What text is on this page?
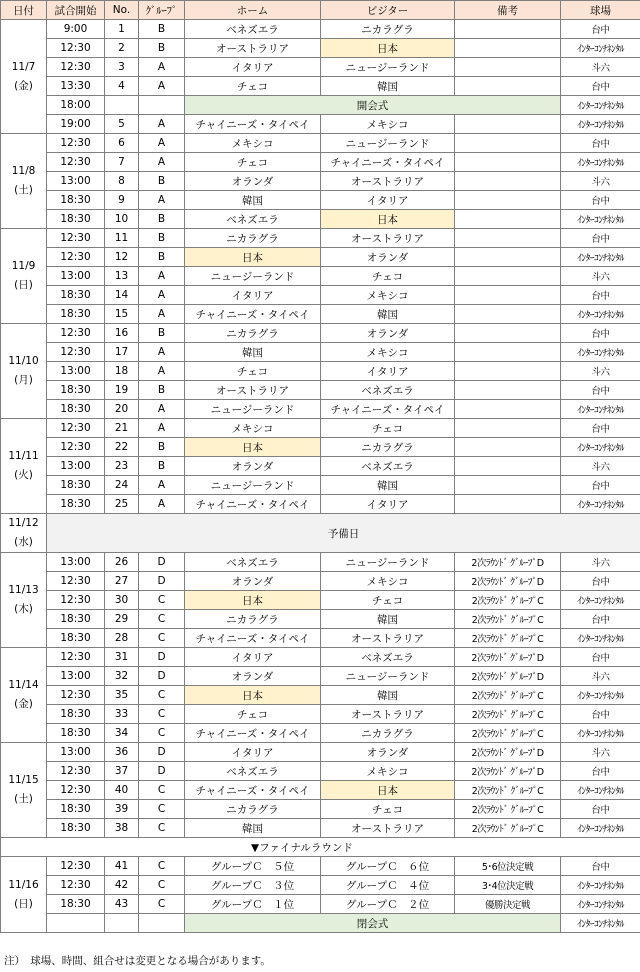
日付	試合開始	No.	ｸﾞﾙｰﾌﾟ	ホーム	ビジター	備考	球場
11/7
(金)	9:00	1	B	ベネズエラ	ニカラグラ		台中
	12:30	2	B	オーストラリア	日本		ｲﾝﾀｰｺﾝﾁﾈﾝﾀﾙ
	12:30	3	A	イタリア	ニュージーランド		斗六
	13:30	4	A	チェコ	韓国		台中
	18:00			開会式			ｲﾝﾀｰｺﾝﾁﾈﾝﾀﾙ
	19:00	5	A	チャイニーズ・タイペイ	メキシコ		ｲﾝﾀｰｺﾝﾁﾈﾝﾀﾙ
11/8
(土)	12:30	6	A	メキシコ	ニュージーランド		台中
	12:30	7	A	チェコ	チャイニーズ・タイペイ		ｲﾝﾀｰｺﾝﾁﾈﾝﾀﾙ
	13:00	8	B	オランダ	オーストラリア		斗六
	18:30	9	A	韓国	イタリア		台中
	18:30	10	B	ベネズエラ	日本		ｲﾝﾀｰｺﾝﾁﾈﾝﾀﾙ
11/9
(日)	12:30	11	B	ニカラグラ	オーストラリア		台中
	12:30	12	B	日本	オランダ		ｲﾝﾀｰｺﾝﾁﾈﾝﾀﾙ
	13:00	13	A	ニュージーランド	チェコ		斗六
	18:30	14	A	イタリア	メキシコ		台中
	18:30	15	A	チャイニーズ・タイペイ	韓国		ｲﾝﾀｰｺﾝﾁﾈﾝﾀﾙ
11/10
(月)	12:30	16	B	ニカラグラ	オランダ		台中
	12:30	17	A	韓国	メキシコ		ｲﾝﾀｰｺﾝﾁﾈﾝﾀﾙ
	13:00	18	A	チェコ	イタリア		斗六
	18:30	19	B	オーストラリア	ベネズエラ		台中
	18:30	20	A	ニュージーランド	チャイニーズ・タイペイ		ｲﾝﾀｰｺﾝﾁﾈﾝﾀﾙ
11/11
(火)	12:30	21	A	メキシコ	チェコ		台中
	12:30	22	B	日本	ニカラグラ		ｲﾝﾀｰｺﾝﾁﾈﾝﾀﾙ
	13:00	23	B	オランダ	ベネズエラ		斗六
	18:30	24	A	ニュージーランド	韓国		台中
	18:30	25	A	チャイニーズ・タイペイ	イタリア		ｲﾝﾀｰｺﾝﾁﾈﾝﾀﾙ
11/12
(水)	予備日						
11/13
(木)	13:00	26	D	ベネズエラ	ニュージーランド	2次ﾗｳﾝﾄﾞ ｸﾞﾙｰﾌﾟD	斗六
	12:30	27	D	オランダ	メキシコ	2次ﾗｳﾝﾄﾞ ｸﾞﾙｰﾌﾟD	台中
	12:30	30	C	日本	チェコ	2次ﾗｳﾝﾄﾞ ｸﾞﾙｰﾌﾟC	ｲﾝﾀｰｺﾝﾁﾈﾝﾀﾙ
	18:30	29	C	ニカラグラ	韓国	2次ﾗｳﾝﾄﾞ ｸﾞﾙｰﾌﾟC	台中
	18:30	28	C	チャイニーズ・タイペイ	オーストラリア	2次ﾗｳﾝﾄﾞ ｸﾞﾙｰﾌﾟC	ｲﾝﾀｰｺﾝﾁﾈﾝﾀﾙ
11/14
(金)	12:30	31	D	イタリア	ベネズエラ	2次ﾗｳﾝﾄﾞ ｸﾞﾙｰﾌﾟD	台中
	13:00	32	D	オランダ	ニュージーランド	2次ﾗｳﾝﾄﾞ ｸﾞﾙｰﾌﾟD	斗六
	12:30	35	C	日本	韓国	2次ﾗｳﾝﾄﾞ ｸﾞﾙｰﾌﾟC	ｲﾝﾀｰｺﾝﾁﾈﾝﾀﾙ
	18:30	33	C	チェコ	オーストラリア	2次ﾗｳﾝﾄﾞ ｸﾞﾙｰﾌﾟC	台中
	18:30	34	C	チャイニーズ・タイペイ	ニカラグラ	2次ﾗｳﾝﾄﾞ ｸﾞﾙｰﾌﾟC	ｲﾝﾀｰｺﾝﾁﾈﾝﾀﾙ
11/15
(土)	13:00	36	D	イタリア	オランダ	2次ﾗｳﾝﾄﾞ ｸﾞﾙｰﾌﾟD	斗六
	12:30	37	D	ベネズエラ	メキシコ	2次ﾗｳﾝﾄﾞ ｸﾞﾙｰﾌﾟD	台中
	12:30	40	C	チャイニーズ・タイペイ	日本	2次ﾗｳﾝﾄﾞ ｸﾞﾙｰﾌﾟC	ｲﾝﾀｰｺﾝﾁﾈﾝﾀﾙ
	18:30	39	C	ニカラグラ	チェコ	2次ﾗｳﾝﾄﾞ ｸﾞﾙｰﾌﾟC	台中
	18:30	38	C	韓国	オーストラリア	2次ﾗｳﾝﾄﾞ ｸﾞﾙｰﾌﾟC	ｲﾝﾀｰｺﾝﾁﾈﾝﾀﾙ
▼ファイナルラウンド							
11/16
(日)	12:30	41	C	グループＣ　５位	グループＣ　６位	5･6位決定戦	台中
	12:30	42	C	グループＣ　３位	グループＣ　４位	3･4位決定戦	ｲﾝﾀｰｺﾝﾁﾈﾝﾀﾙ
	18:30	43	C	グループＣ　１位	グループＣ　２位	優勝決定戦	ｲﾝﾀｰｺﾝﾁﾈﾝﾀﾙ
				閉会式			ｲﾝﾀｰｺﾝﾁﾈﾝﾀﾙ
注）　球場、時間、組合せは変更となる場合があります。
